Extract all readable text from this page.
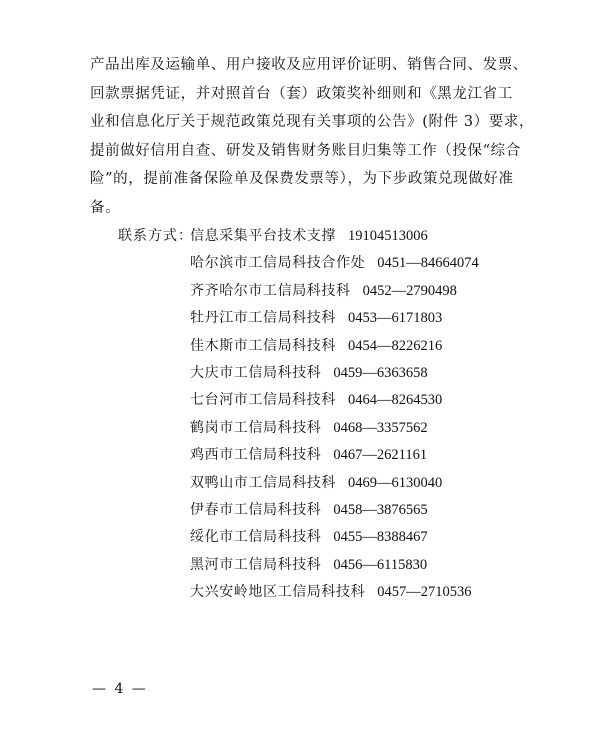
产品出库及运输单、用户接收及应用评价证明、销售合同、发票、
回款票据凭证，并对照首台（套）政策奖补细则和《黑龙江省工
业和信息化厅关于规范政策兑现有关事项的公告》(附件 3）要求，
提前做好信用自查、研发及销售财务账目归集等工作（投保“综合
险”的，提前准备保险单及保费发票等），为下步政策兑现做好准
备。
联系方式：
信息采集平台技术支撑 19104513006
哈尔滨市工信局科技合作处 0451—84664074
齐齐哈尔市工信局科技科 0452—2790498
牡丹江市工信局科技科 0453—6171803
佳木斯市工信局科技科 0454—8226216
大庆市工信局科技科 0459—6363658
七台河市工信局科技科 0464—8264530
鹤岗市工信局科技科 0468—3357562
鸡西市工信局科技科 0467—2621161
双鸭山市工信局科技科 0469—6130040
伊春市工信局科技科 0458—3876565
绥化市工信局科技科 0455—8388467
黑河市工信局科技科 0456—6115830
大兴安岭地区工信局科技科 0457—2710536
— 4 —
